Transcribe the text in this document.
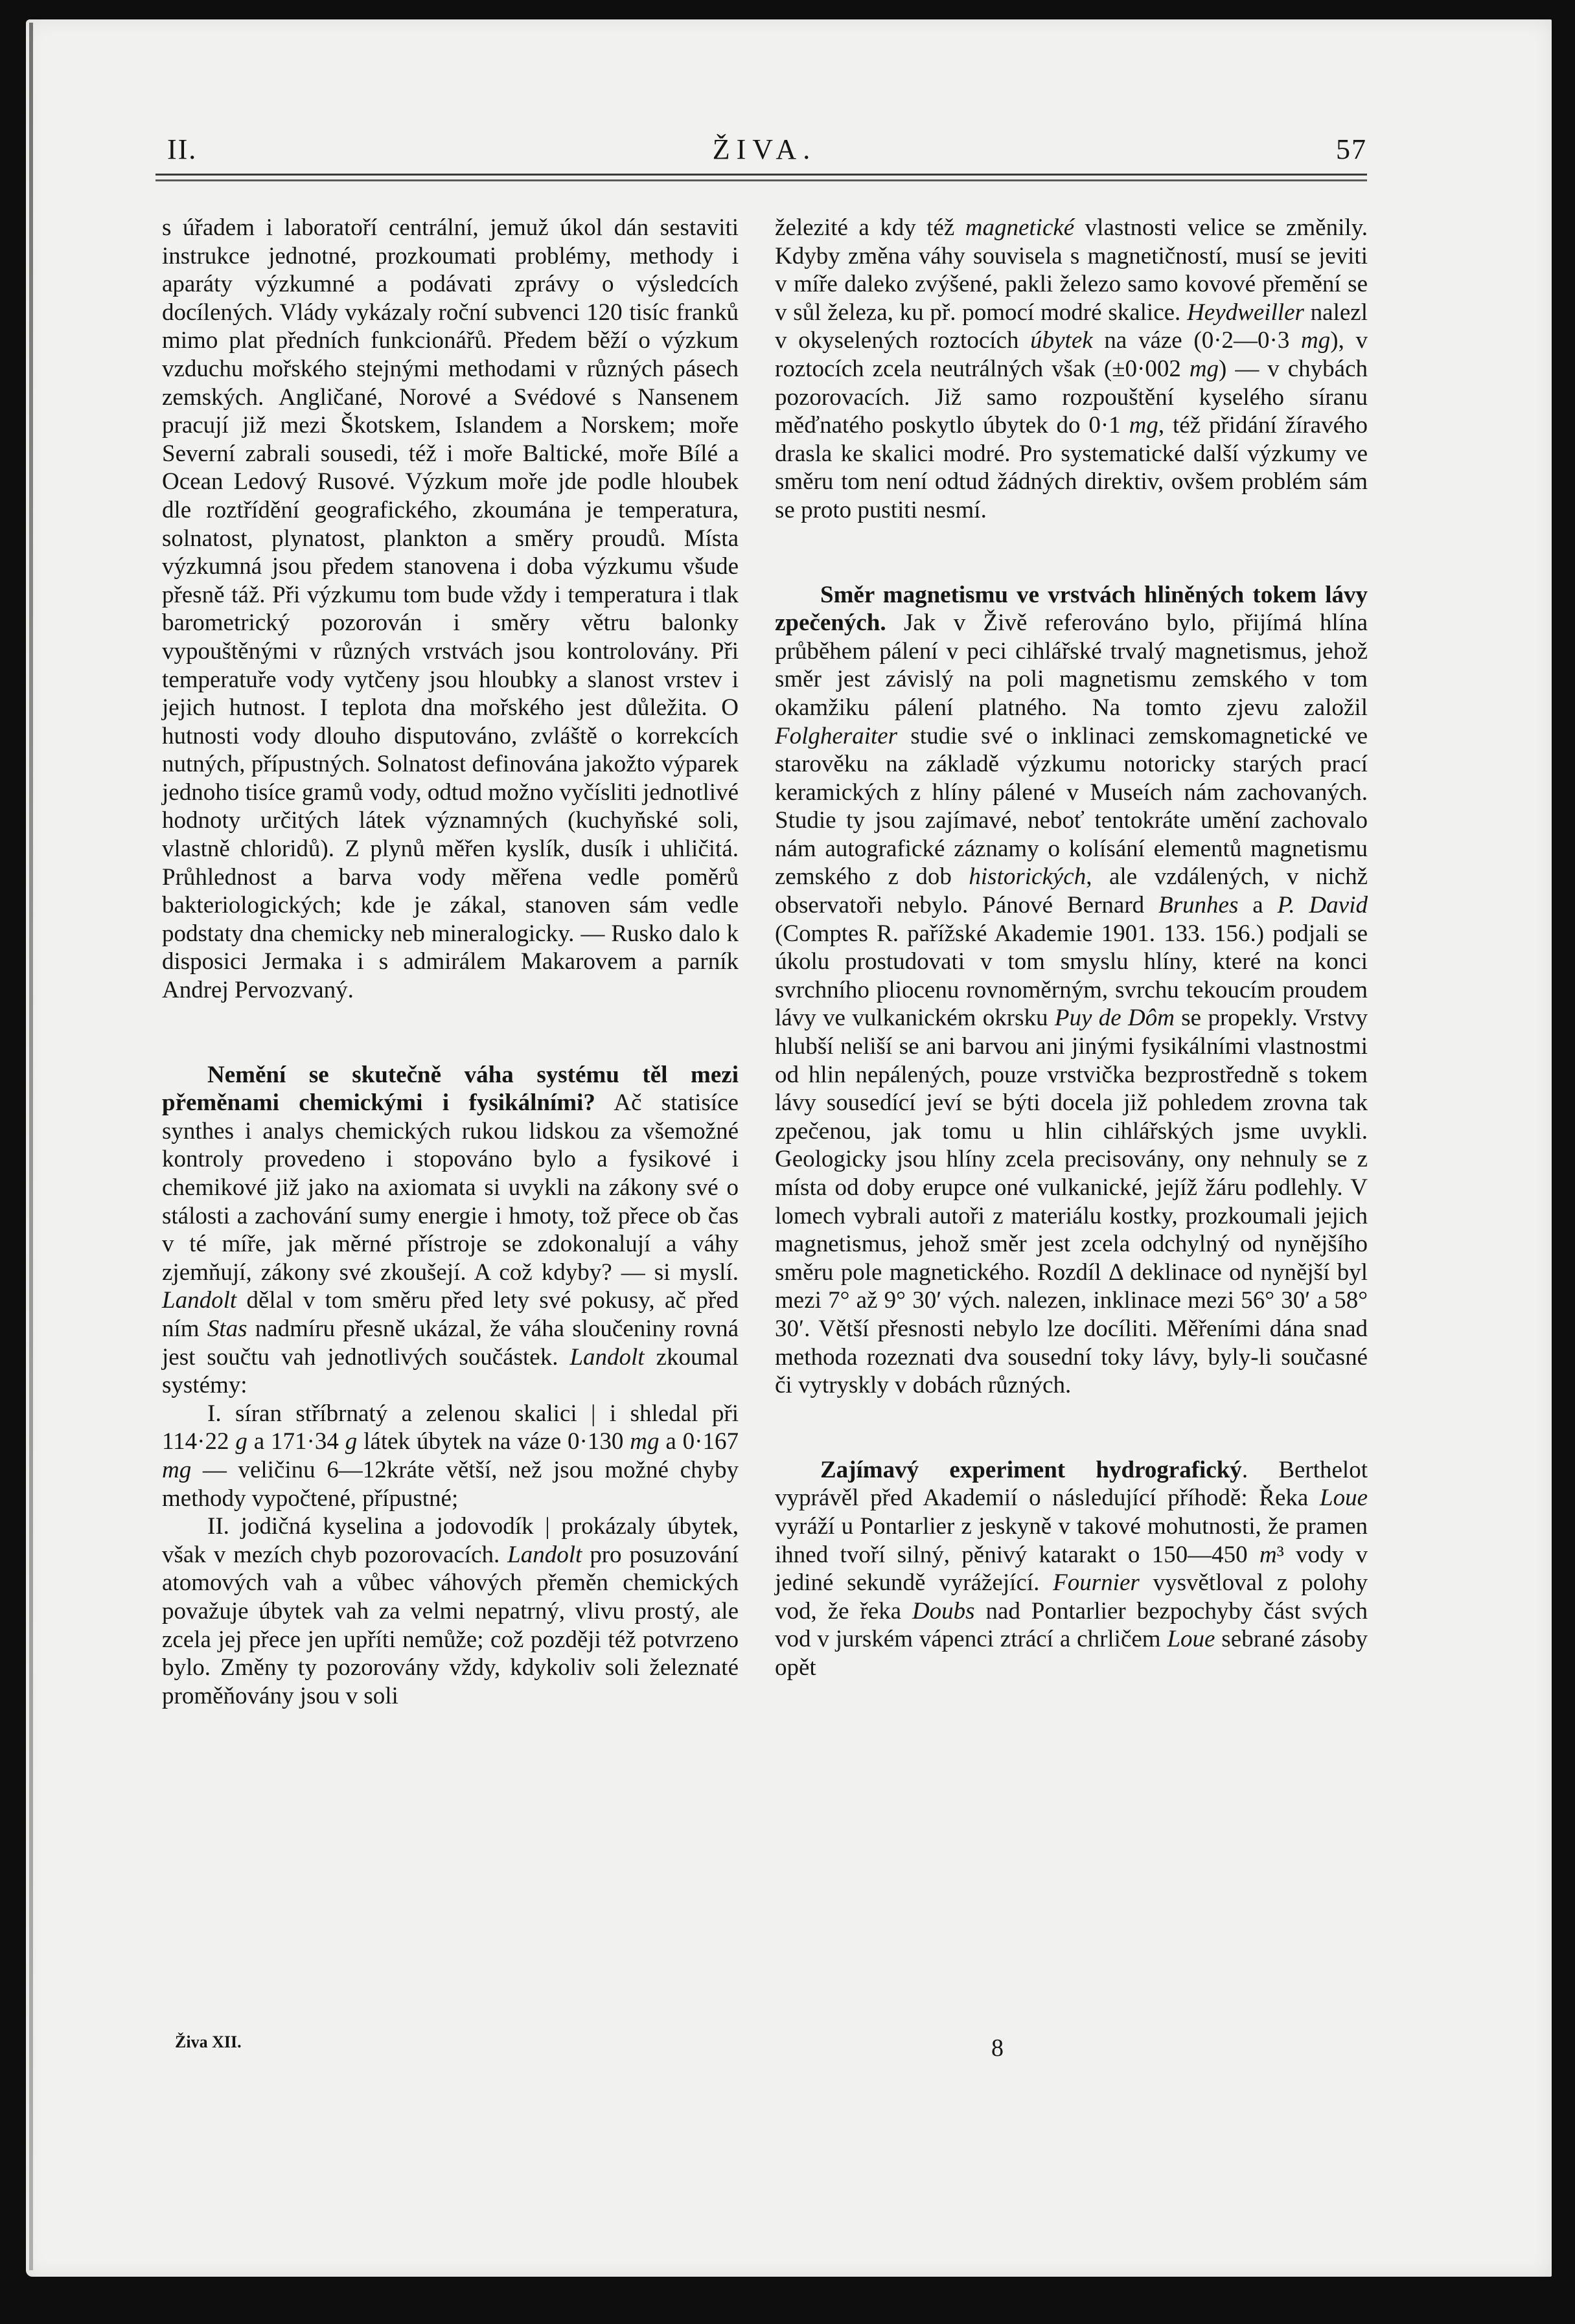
II.	ŽIVA.	57

s úřadem i laboratoří centrální, jemuž úkol dán sestaviti instrukce jednotné, prozkoumati problémy, methody i aparáty výzkumné a podávati zprávy o výsledcích docílených. Vlády vykázaly roční subvenci 120 tisíc franků mimo plat předních funkcionářů. Předem běží o výzkum vzduchu mořského stejnými methodami v různých pásech zemských. Angličané, Norové a Svédové s Nansenem pracují již mezi Škotskem, Islandem a Norskem; moře Severní zabrali sousedi, též i moře Baltické, moře Bílé a Ocean Ledový Rusové. Výzkum moře jde podle hloubek dle roztřídění geografického, zkoumána je temperatura, solnatost, plynatost, plankton a směry proudů. Místa výzkumná jsou předem stanovena i doba výzkumu všude přesně táž. Při výzkumu tom bude vždy i temperatura i tlak barometrický pozorován i směry větru balonky vypouštěnými v různých vrstvách jsou kontrolovány. Při temperatuře vody vytčeny jsou hloubky a slanost vrstev i jejich hutnost. I teplota dna mořského jest důležita. O hutnosti vody dlouho disputováno, zvláště o korrekcích nutných, přípustných. Solnatost definována jakožto výparek jednoho tisíce gramů vody, odtud možno vyčísliti jednotlivé hodnoty určitých látek významných (kuchyňské soli, vlastně chloridů). Z plynů měřen kyslík, dusík i uhličitá. Průhlednost a barva vody měřena vedle poměrů bakteriologických; kde je zákal, stanoven sám vedle podstaty dna chemicky neb mineralogicky. — Rusko dalo k disposici Jermaka i s admirálem Makarovem a parník Andrej Pervozvaný.

Nemění se skutečně váha systému těl mezi přeměnami chemickými i fysikálními? Ač statisíce synthes i analys chemických rukou lidskou za všemožné kontroly provedeno i stopováno bylo a fysikové i chemikové již jako na axiomata si uvykli na zákony své o stálosti a zachování sumy energie i hmoty, tož přece ob čas v té míře, jak měrné přístroje se zdokonalují a váhy zjemňují, zákony své zkoušejí. A což kdyby? — si myslí. Landolt dělal v tom směru před lety své pokusy, ač před ním Stas nadmíru přesně ukázal, že váha sloučeniny rovná jest součtu vah jednotlivých součástek. Landolt zkoumal systémy:

I. síran stříbrnatý a zelenou skalici | i shledal při 114·22 g a 171·34 g látek úbytek na váze 0·130 mg a 0·167 mg — veličinu 6—12kráte větší, než jsou možné chyby methody vypočtené, přípustné;

II. jodičná kyselina a jodovodík | prokázaly úbytek, však v mezích chyb pozorovacích. Landolt pro posuzování atomových vah a vůbec váhových přeměn chemických považuje úbytek vah za velmi nepatrný, vlivu prostý, ale zcela jej přece jen upříti nemůže; což později též potvrzeno bylo. Změny ty pozorovány vždy, kdykoliv soli železnaté proměňovány jsou v soli

železité a kdy též magnetické vlastnosti velice se změnily. Kdyby změna váhy souvisela s magnetičností, musí se jeviti v míře daleko zvýšené, pakli železo samo kovové přemění se v sůl železa, ku př. pomocí modré skalice. Heydweiller nalezl v okyselených roztocích úbytek na váze (0·2—0·3 mg), v roztocích zcela neutrálných však (±0·002 mg) — v chybách pozorovacích. Již samo rozpouštění kyselého síranu měďnatého poskytlo úbytek do 0·1 mg, též přidání žíravého drasla ke skalici modré. Pro systematické další výzkumy ve směru tom není odtud žádných direktiv, ovšem problém sám se proto pustiti nesmí.

Směr magnetismu ve vrstvách hliněných tokem lávy zpečených. Jak v Živě referováno bylo, přijímá hlína průběhem pálení v peci cihlářské trvalý magnetismus, jehož směr jest závislý na poli magnetismu zemského v tom okamžiku pálení platného. Na tomto zjevu založil Folgheraiter studie své o inklinaci zemskomagnetické ve starověku na základě výzkumu notoricky starých prací keramických z hlíny pálené v Museích nám zachovaných. Studie ty jsou zajímavé, neboť tentokráte umění zachovalo nám autografické záznamy o kolísání elementů magnetismu zemského z dob historických, ale vzdálených, v nichž observatoři nebylo. Pánové Bernard Brunhes a P. David (Comptes R. pařížské Akademie 1901. 133. 156.) podjali se úkolu prostudovati v tom smyslu hlíny, které na konci svrchního pliocenu rovnoměrným, svrchu tekoucím proudem lávy ve vulkanickém okrsku Puy de Dôm se propekly. Vrstvy hlubší neliší se ani barvou ani jinými fysikálními vlastnostmi od hlin nepálených, pouze vrstvička bezprostředně s tokem lávy sousedící jeví se býti docela již pohledem zrovna tak zpečenou, jak tomu u hlin cihlářských jsme uvykli. Geologicky jsou hlíny zcela precisovány, ony nehnuly se z místa od doby erupce oné vulkanické, jejíž žáru podlehly. V lomech vybrali autoři z materiálu kostky, prozkoumali jejich magnetismus, jehož směr jest zcela odchylný od nynějšího směru pole magnetického. Rozdíl Δ deklinace od nynější byl mezi 7° až 9° 30′ vých. nalezen, inklinace mezi 56° 30′ a 58° 30′. Větší přesnosti nebylo lze docíliti. Měřeními dána snad methoda rozeznati dva sousední toky lávy, byly-li současné či vytryskly v dobách různých.

Zajímavý experiment hydrografický. Berthelot vyprávěl před Akademií o následující příhodě: Řeka Loue vyráží u Pontarlier z jeskyně v takové mohutnosti, že pramen ihned tvoří silný, pěnivý katarakt o 150—450 m³ vody v jediné sekundě vyrážející. Fournier vysvětloval z polohy vod, že řeka Doubs nad Pontarlier bezpochyby část svých vod v jurském vápenci ztrácí a chrličem Loue sebrané zásoby opět

Živa XII.	8
